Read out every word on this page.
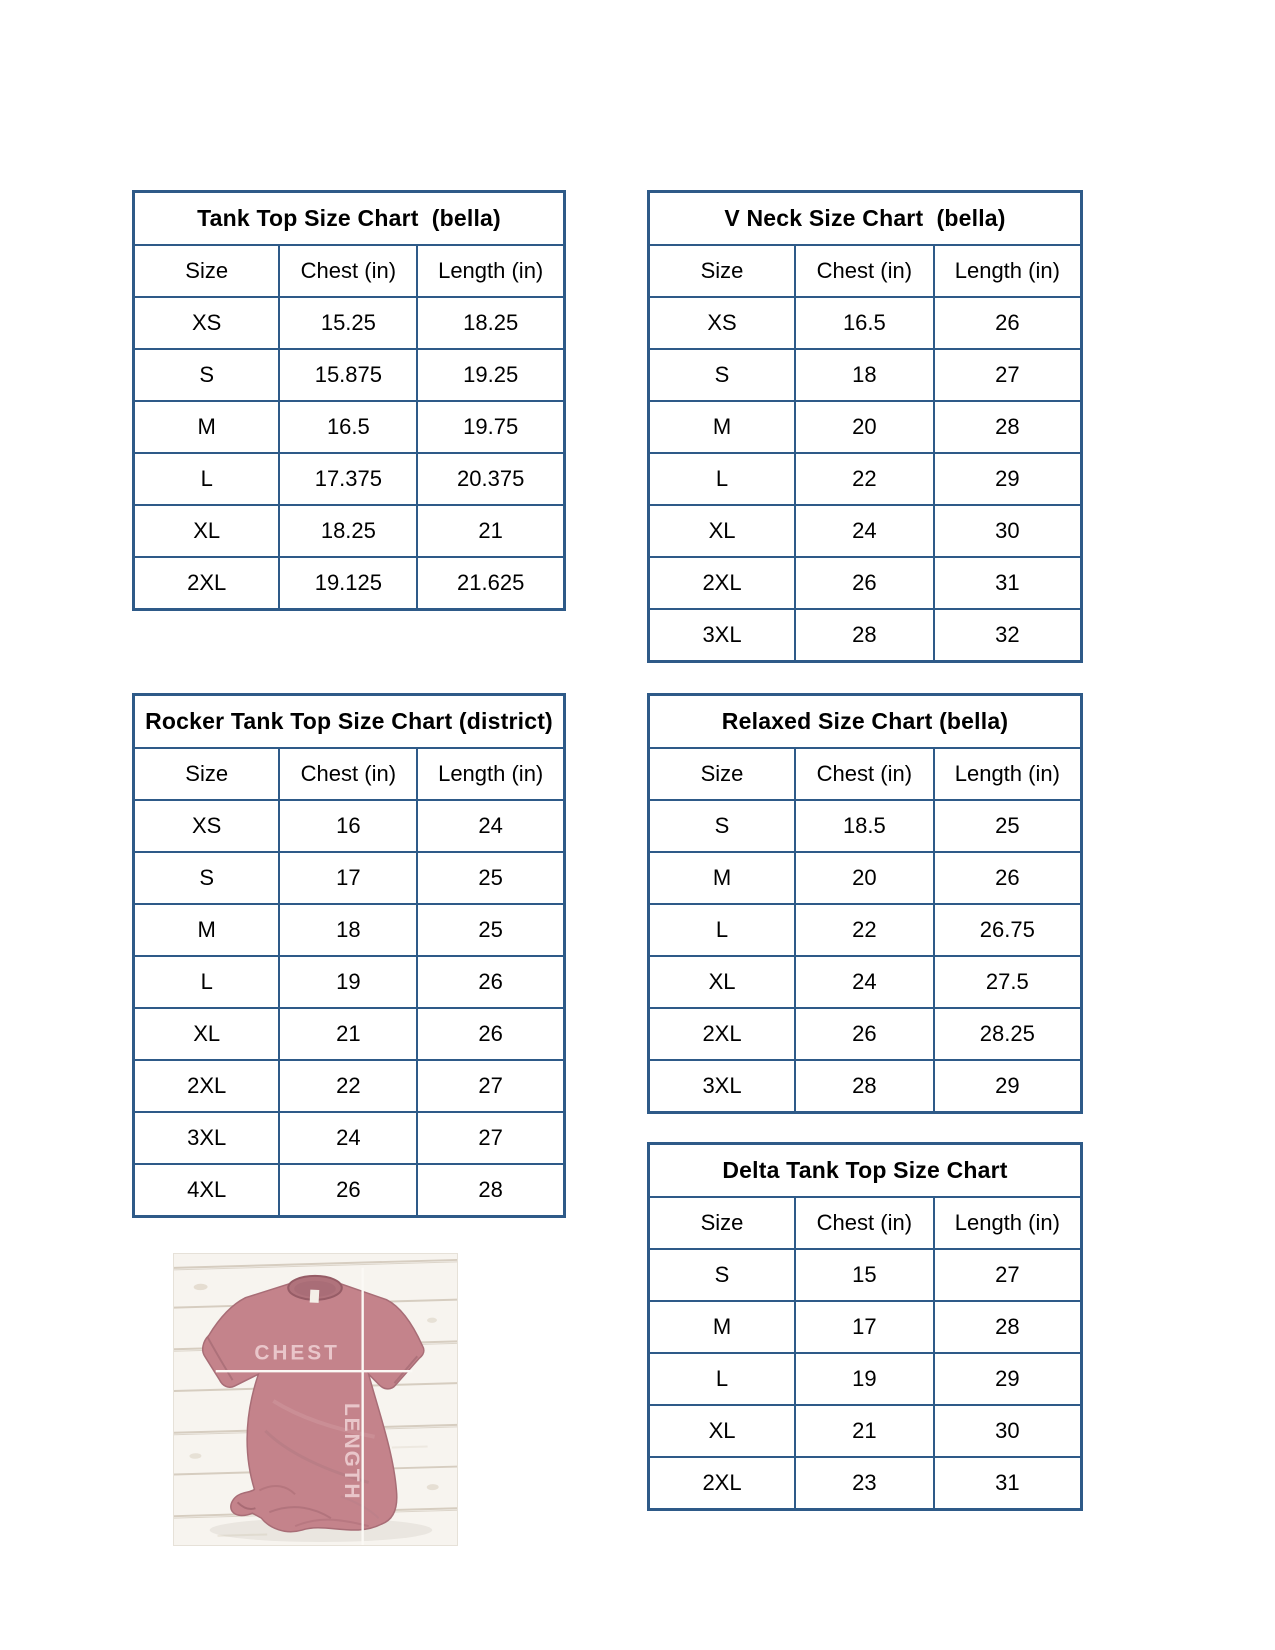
Tank Top Size Chart  (bella)
Size	Chest (in)	Length (in)
XS	15.25	18.25
S	15.875	19.25
M	16.5	19.75
L	17.375	20.375
XL	18.25	21
2XL	19.125	21.625
V Neck Size Chart  (bella)
Size	Chest (in)	Length (in)
XS	16.5	26
S	18	27
M	20	28
L	22	29
XL	24	30
2XL	26	31
3XL	28	32
Rocker Tank Top Size Chart (district)
Size	Chest (in)	Length (in)
XS	16	24
S	17	25
M	18	25
L	19	26
XL	21	26
2XL	22	27
3XL	24	27
4XL	26	28
Relaxed Size Chart (bella)
Size	Chest (in)	Length (in)
S	18.5	25
M	20	26
L	22	26.75
XL	24	27.5
2XL	26	28.25
3XL	28	29
Delta Tank Top Size Chart
Size	Chest (in)	Length (in)
S	15	27
M	17	28
L	19	29
XL	21	30
2XL	23	31
CHEST
LENGTH
